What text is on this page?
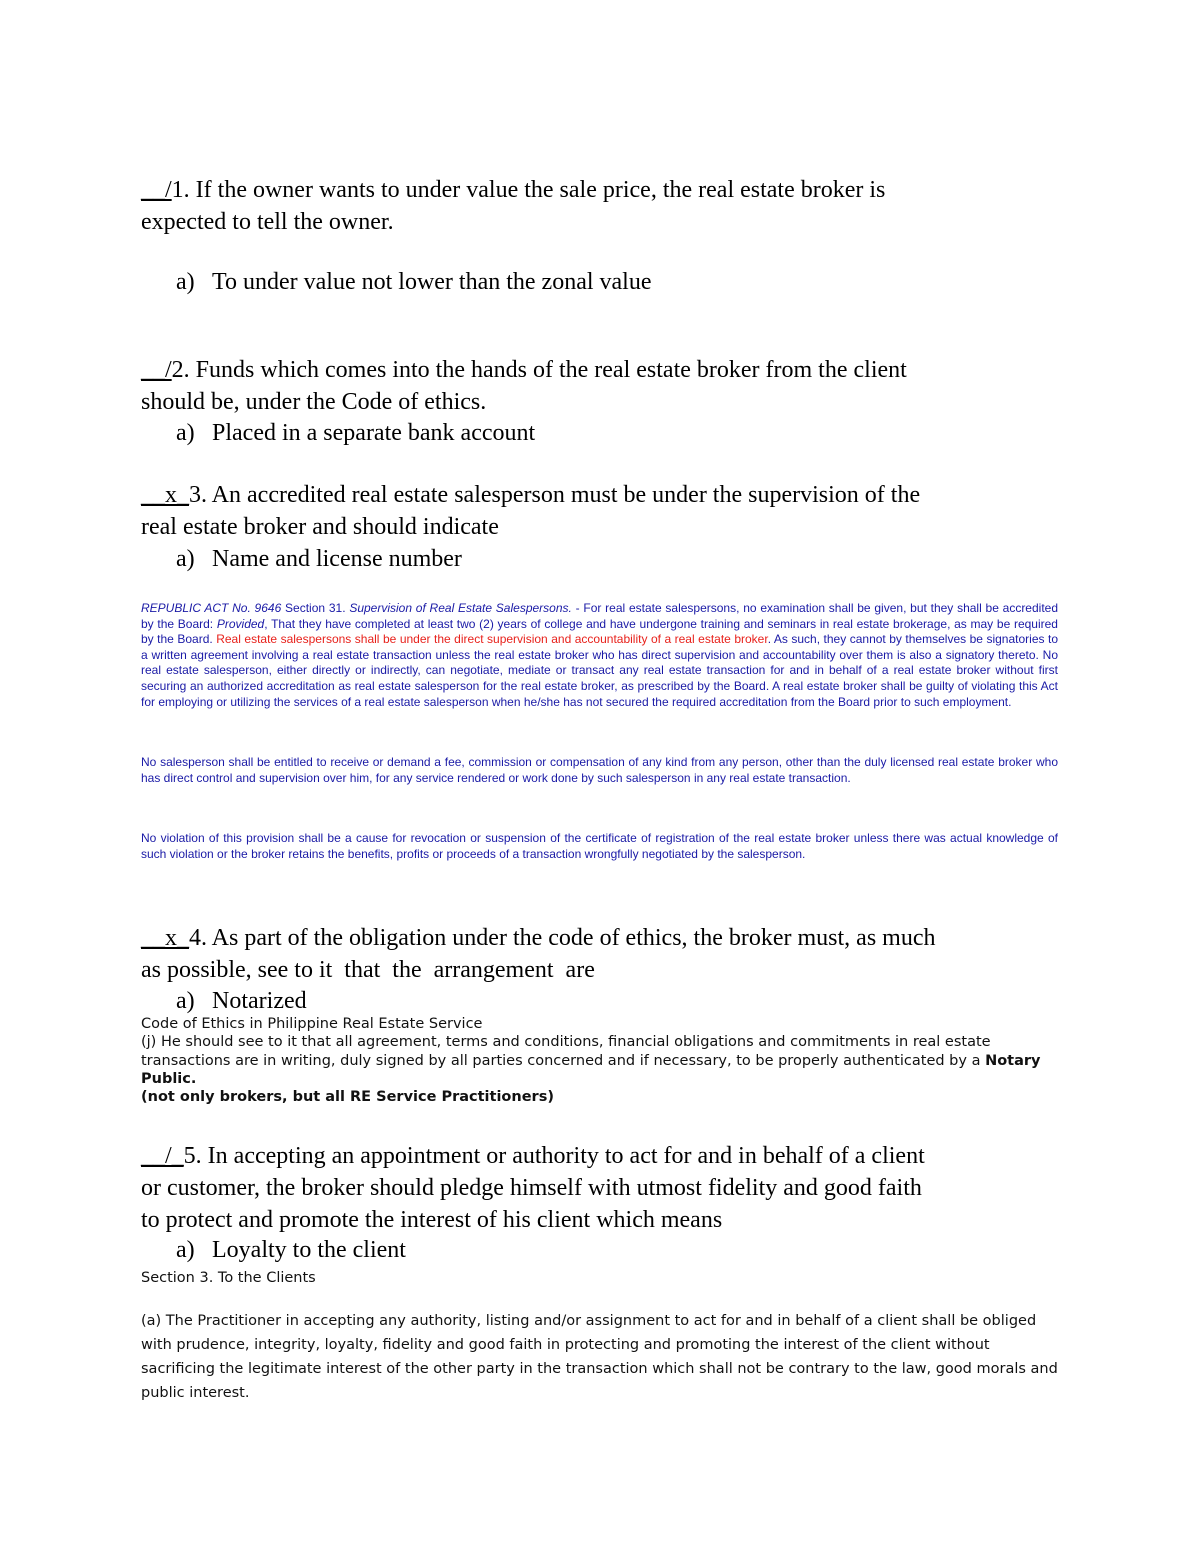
__/1. If the owner wants to under value the sale price, the real estate broker is
expected to tell the owner.

a) To under value not lower than the zonal value

__/2. Funds which comes into the hands of the real estate broker from the client
should be, under the Code of ethics.

a) Placed in a separate bank account

__x_3. An accredited real estate salesperson must be under the supervision of the
real estate broker and should indicate

a) Name and license number

REPUBLIC ACT No. 9646 Section 31. Supervision of Real Estate Salespersons. - For real estate salespersons, no examination shall be given, but they shall be accredited by the Board: Provided, That they have completed at least two (2) years of college and have undergone training and seminars in real estate brokerage, as may be required by the Board. Real estate salespersons shall be under the direct supervision and accountability of a real estate broker. As such, they cannot by themselves be signatories to a written agreement involving a real estate transaction unless the real estate broker who has direct supervision and accountability over them is also a signatory thereto. No real estate salesperson, either directly or indirectly, can negotiate, mediate or transact any real estate transaction for and in behalf of a real estate broker without first securing an authorized accreditation as real estate salesperson for the real estate broker, as prescribed by the Board. A real estate broker shall be guilty of violating this Act for employing or utilizing the services of a real estate salesperson when he/she has not secured the required accreditation from the Board prior to such employment.

No salesperson shall be entitled to receive or demand a fee, commission or compensation of any kind from any person, other than the duly licensed real estate broker who has direct control and supervision over him, for any service rendered or work done by such salesperson in any real estate transaction.

No violation of this provision shall be a cause for revocation or suspension of the certificate of registration of the real estate broker unless there was actual knowledge of such violation or the broker retains the benefits, profits or proceeds of a transaction wrongfully negotiated by the salesperson.

__x_4. As part of the obligation under the code of ethics, the broker must, as much
as possible, see to it  that  the  arrangement  are

a) Notarized

Code of Ethics in Philippine Real Estate Service

(j) He should see to it that all agreement, terms and conditions, financial obligations and commitments in real estate transactions are in writing, duly signed by all parties concerned and if necessary, to be properly authenticated by a Notary Public.

(not only brokers, but all RE Service Practitioners)

__/_5. In accepting an appointment or authority to act for and in behalf of a client
or customer, the broker should pledge himself with utmost fidelity and good faith
to protect and promote the interest of his client which means

a) Loyalty to the client

Section 3. To the Clients

(a) The Practitioner in accepting any authority, listing and/or assignment to act for and in behalf of a client shall be obliged with prudence, integrity, loyalty, fidelity and good faith in protecting and promoting the interest of the client without sacrificing the legitimate interest of the other party in the transaction which shall not be contrary to the law, good morals and public interest.
